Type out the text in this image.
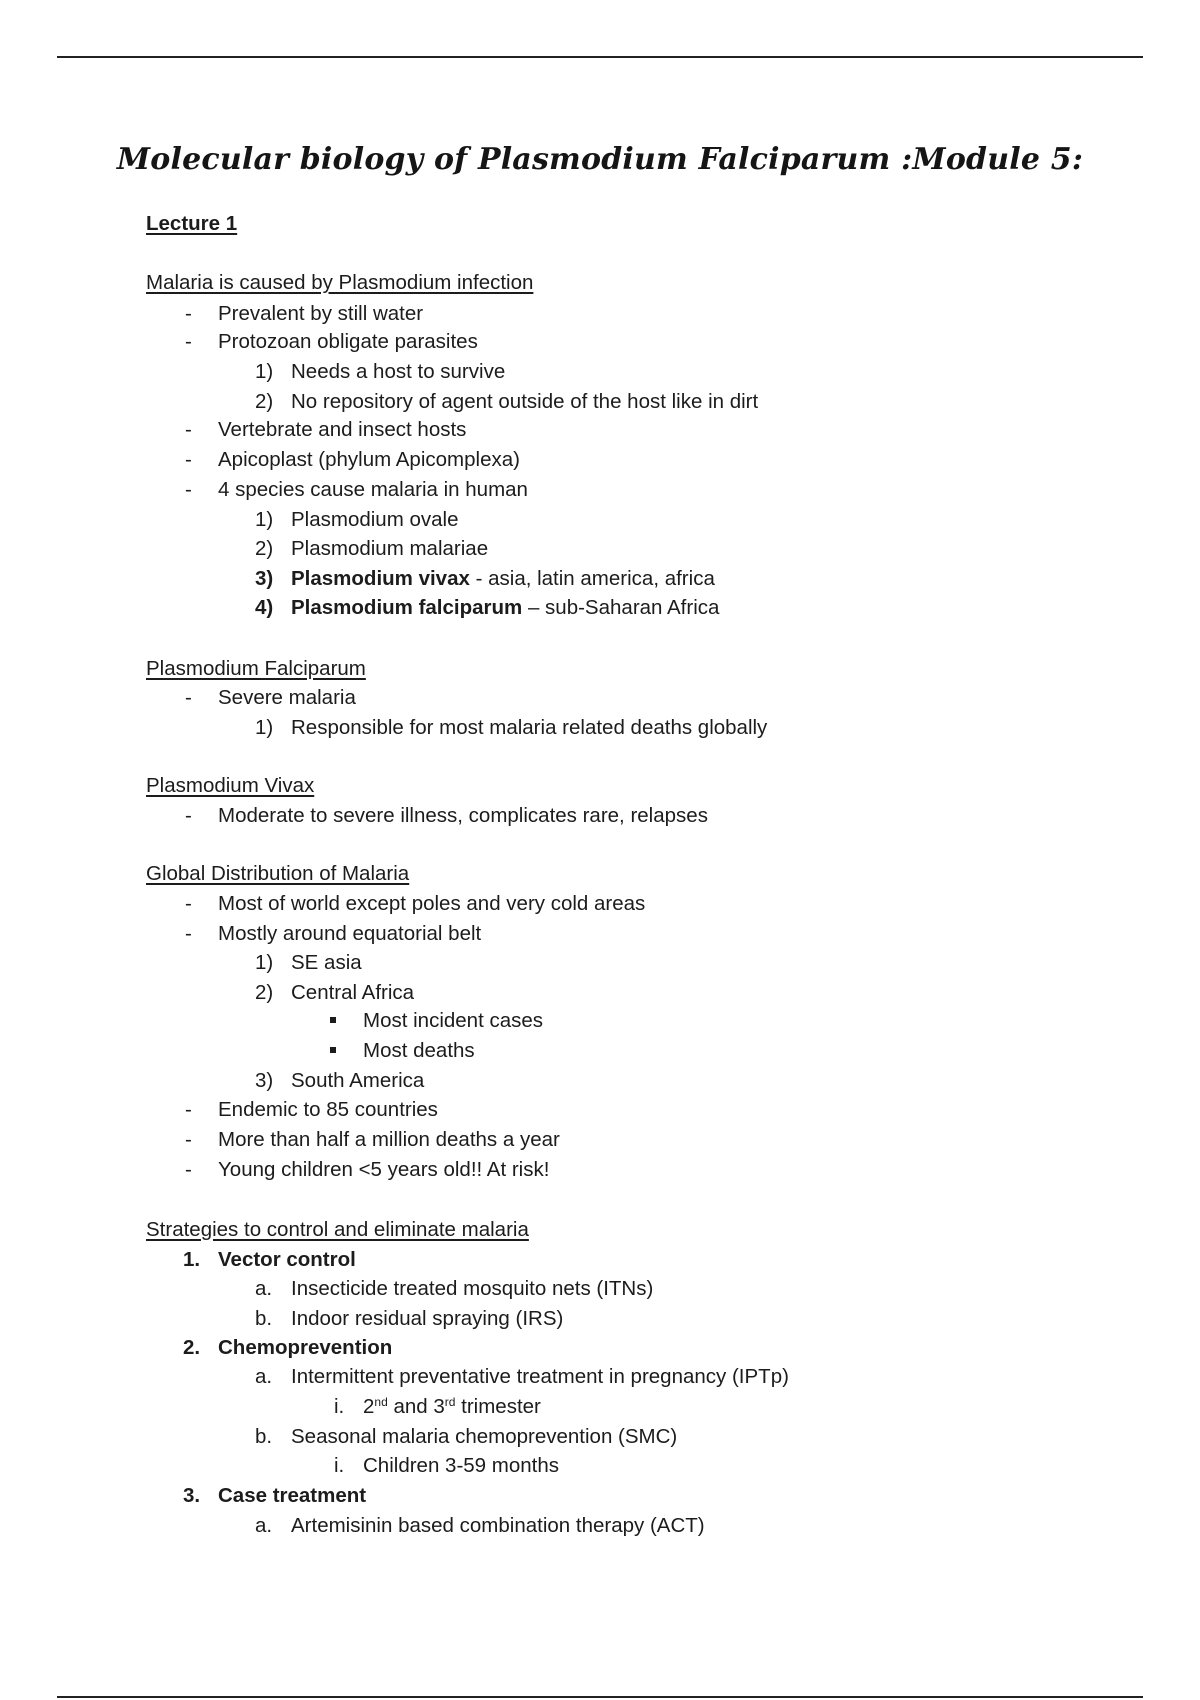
Molecular biology of Plasmodium Falciparum :Module 5:
Lecture 1
Malaria is caused by Plasmodium infection
- Prevalent by still water
- Protozoan obligate parasites
1) Needs a host to survive
2) No repository of agent outside of the host like in dirt
- Vertebrate and insect hosts
- Apicoplast (phylum Apicomplexa)
- 4 species cause malaria in human
1) Plasmodium ovale
2) Plasmodium malariae
3) Plasmodium vivax - asia, latin america, africa
4) Plasmodium falciparum – sub-Saharan Africa
Plasmodium Falciparum
- Severe malaria
1) Responsible for most malaria related deaths globally
Plasmodium Vivax
- Moderate to severe illness, complicates rare, relapses
Global Distribution of Malaria
- Most of world except poles and very cold areas
- Mostly around equatorial belt
1) SE asia
2) Central Africa
Most incident cases
Most deaths
3) South America
- Endemic to 85 countries
- More than half a million deaths a year
- Young children <5 years old!! At risk!
Strategies to control and eliminate malaria
1. Vector control
a. Insecticide treated mosquito nets (ITNs)
b. Indoor residual spraying (IRS)
2. Chemoprevention
a. Intermittent preventative treatment in pregnancy (IPTp)
i. 2nd and 3rd trimester
b. Seasonal malaria chemoprevention (SMC)
i. Children 3-59 months
3. Case treatment
a. Artemisinin based combination therapy (ACT)
